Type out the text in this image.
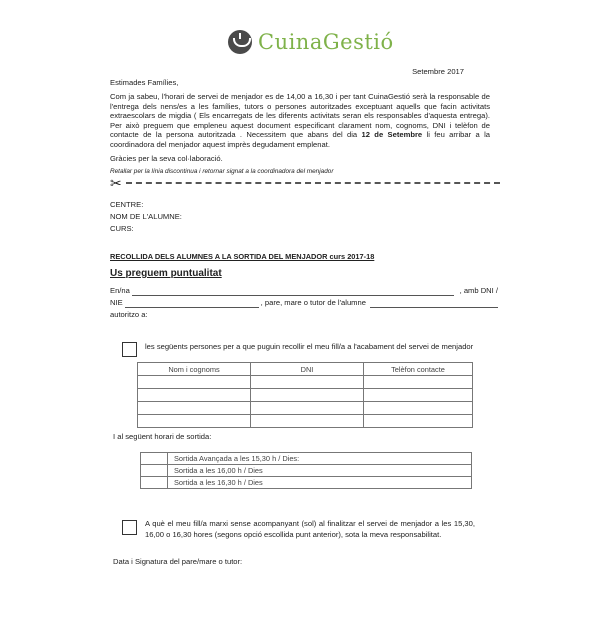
CuinaGestió
Setembre 2017
Estimades Famílies,
Com ja sabeu, l'horari de servei de menjador es de 14,00 a 16,30 i per tant CuinaGestió serà la responsable de l'entrega dels nens/es a les famílies, tutors o persones autoritzades exceptuant aquells que facin activitats extraescolars de migdia ( Els encarregats de les diferents activitats seran els responsables d'aquesta entrega). Per això preguem que empleneu aquest document especificant clarament nom, cognoms, DNI i telèfon de contacte de la persona autoritzada . Necessitem que abans del dia 12 de Setembre li feu arribar a la coordinadora del menjador aquest imprès degudament emplenat.
Gràcies per la seva col·laboració.
Retallar per la línia discontinua i retornar signat a la coordinadora del menjador
✂
CENTRE:
NOM DE L'ALUMNE:
CURS:
RECOLLIDA DELS ALUMNES A LA SORTIDA DEL MENJADOR curs 2017-18
Us preguem puntualitat
En/na	, amb DNI /
NIE	, pare, mare o tutor de l'alumne
autoritzo a:
les següents persones per a que puguin recollir el meu fill/a a l'acabament del servei de menjador
Nom i cognoms	DNI	Telèfon contacte

I al següent horari de sortida:
	Sortida Avançada a les 15,30 h / Dies:
	Sortida a les 16,00 h / Dies
	Sortida a les 16,30 h / Dies
A què el meu fill/a marxi sense acompanyant (sol) al finalitzar el servei de menjador a les 15,30, 16,00 o 16,30 hores (segons opció escollida punt anterior), sota la meva responsabilitat.
Data i Signatura del pare/mare o tutor:
